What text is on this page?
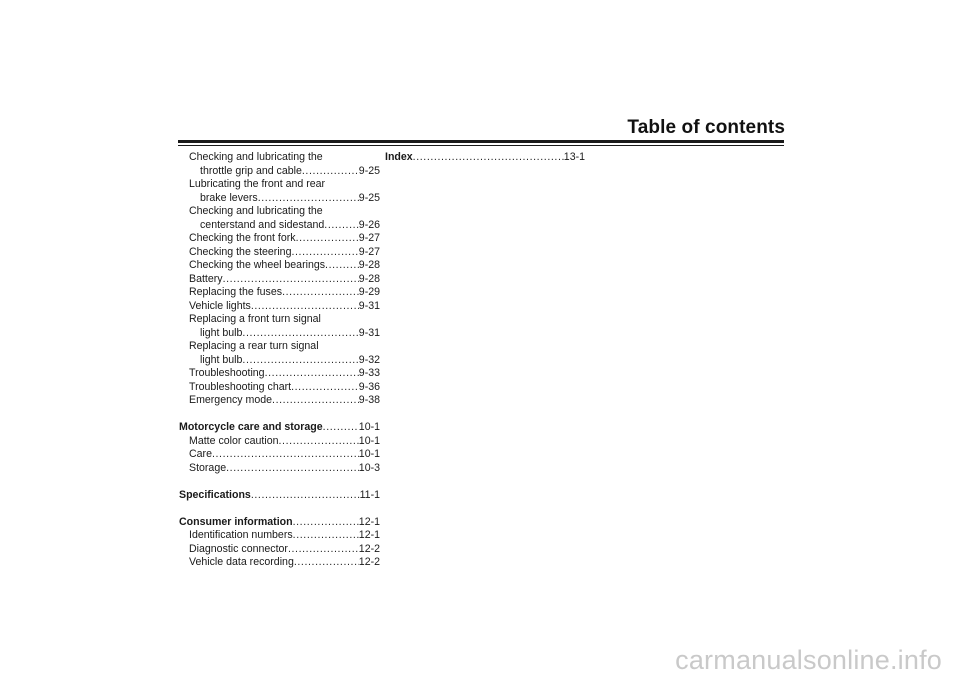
Table of contents
Checking and lubricating the
throttle grip and cable .....	9-25
Lubricating the front and rear
brake levers .....	9-25
Checking and lubricating the
centerstand and sidestand .....	9-26
Checking the front fork .....	9-27
Checking the steering .....	9-27
Checking the wheel bearings .....	9-28
Battery .....	9-28
Replacing the fuses .....	9-29
Vehicle lights .....	9-31
Replacing a front turn signal
light bulb .....	9-31
Replacing a rear turn signal
light bulb .....	9-32
Troubleshooting .....	9-33
Troubleshooting chart .....	9-36
Emergency mode .....	9-38
Motorcycle care and storage .....	10-1
Matte color caution .....	10-1
Care .....	10-1
Storage .....	10-3
Specifications .....	11-1
Consumer information .....	12-1
Identification numbers .....	12-1
Diagnostic connector .....	12-2
Vehicle data recording .....	12-2
Index .....	13-1
carmanualsonline.info
